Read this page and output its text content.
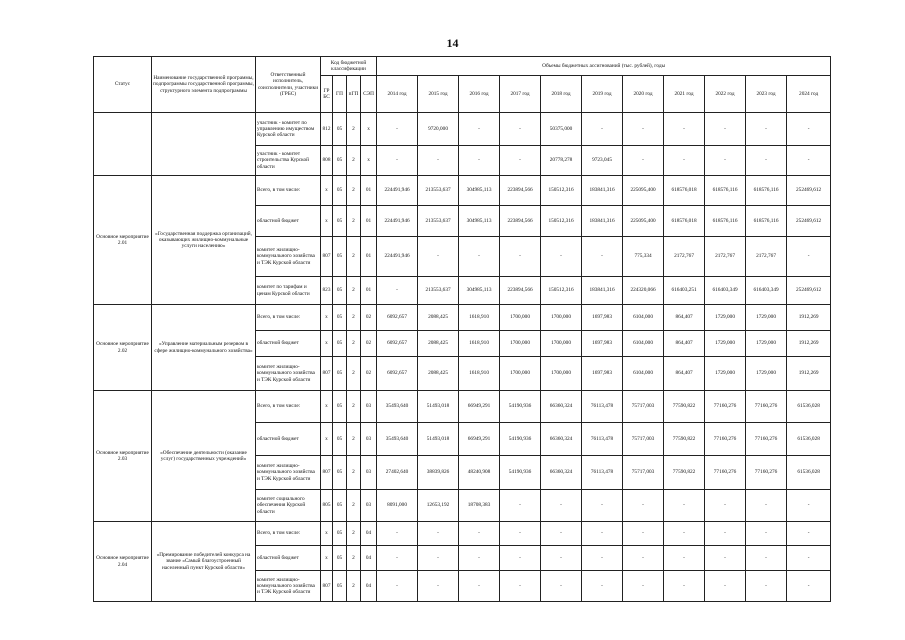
14
Статус	Наименование государственной программы, подпрограммы государственной программы, структурного элемента подпрограммы	Ответственный исполнитель, соисполнители, участники (ГРБС)	Код бюджетной классификации				Объемы бюджетных ассигнований (тыс. рублей), годы										
			ГРБС	ГП	пГП	СЭП	2014 год	2015 год	2016 год	2017 год	2018 год	2019 год	2020 год	2021 год	2022 год	2023 год	2024 год
		участник - комитет по управлению имуществом Курской области	812	05	2	х	-	9720,000	-	-	50375,000	-	-	-	-	-	-
		участник - комитет строительства Курской области	808	05	2	х	-	-	-	-	20778,278	9723,045	-	-	-	-	-
Основное мероприятие 2.01	«Государственная поддержка организаций, оказывающих жилищно-коммунальные услуги населению»	Всего, в том числе:	х	05	2	01	224491,946	213553,637	304985,113	223894,566	150512,316	183841,316	225095,400	618576,018	618576,116	618576,116	252469,612
		областной бюджет	х	05	2	01	224491,946	213553,637	304985,113	223894,566	150512,316	183841,316	225095,400	618576,018	618576,116	618576,116	252469,612
		комитет жилищно-коммунального хозяйства и ТЭК Курской области	807	05	2	01	224491,946	-	-	-	-	-	775,334	2172,767	2172,767	2172,767	-
		комитет по тарифам и ценам Курской области	823	05	2	01	-	213553,637	304985,113	223894,566	150512,316	183841,316	224320,066	616403,251	616403,349	616403,349	252469,612
Основное мероприятие 2.02	«Управление материальным резервом в сфере жилищно-коммунального хозяйства»	Всего, в том числе:	х	05	2	02	6092,657	2088,425	1618,910	1700,000	1700,000	1697,983	6104,000	864,407	1729,000	1729,000	1912,269
		областной бюджет	х	05	2	02	6092,657	2088,425	1618,910	1700,000	1700,000	1697,983	6104,000	864,407	1729,000	1729,000	1912,269
		комитет жилищно-коммунального хозяйства и ТЭК Курской области	807	05	2	02	6092,657	2088,425	1618,910	1700,000	1700,000	1697,983	6104,000	864,407	1729,000	1729,000	1912,269
Основное мероприятие 2.03	«Обеспечение деятельности (оказание услуг) государственных учреждений»	Всего, в том числе:	х	05	2	03	35493,640	51493,018	66949,291	54190,936	66360,324	76113,478	75717,003	77590,822	77160,276	77160,276	61536,028
		областной бюджет	х	05	2	03	35493,640	51493,018	66949,291	54190,936	66360,324	76113,478	75717,003	77590,822	77160,276	77160,276	61536,028
		комитет жилищно-коммунального хозяйства и ТЭК Курской области	807	05	2	03	27402,640	38839,826	48240,908	54190,936	66360,324	76113,478	75717,003	77590,822	77160,276	77160,276	61536,028
		комитет социального обеспечения Курской области	805	05	2	03	8091,000	12653,192	18708,383	-	-	-	-	-	-	-	-
Основное мероприятие 2.04	«Премирование победителей конкурса на звание «Самый благоустроенный населенный пункт Курской области»	Всего, в том числе:	х	05	2	04	-	-	-	-	-	-	-	-	-	-	-
		областной бюджет	х	05	2	04	-	-	-	-	-	-	-	-	-	-	-
		комитет жилищно-коммунального хозяйства и ТЭК Курской области	807	05	2	04	-	-	-	-	-	-	-	-	-	-	-
